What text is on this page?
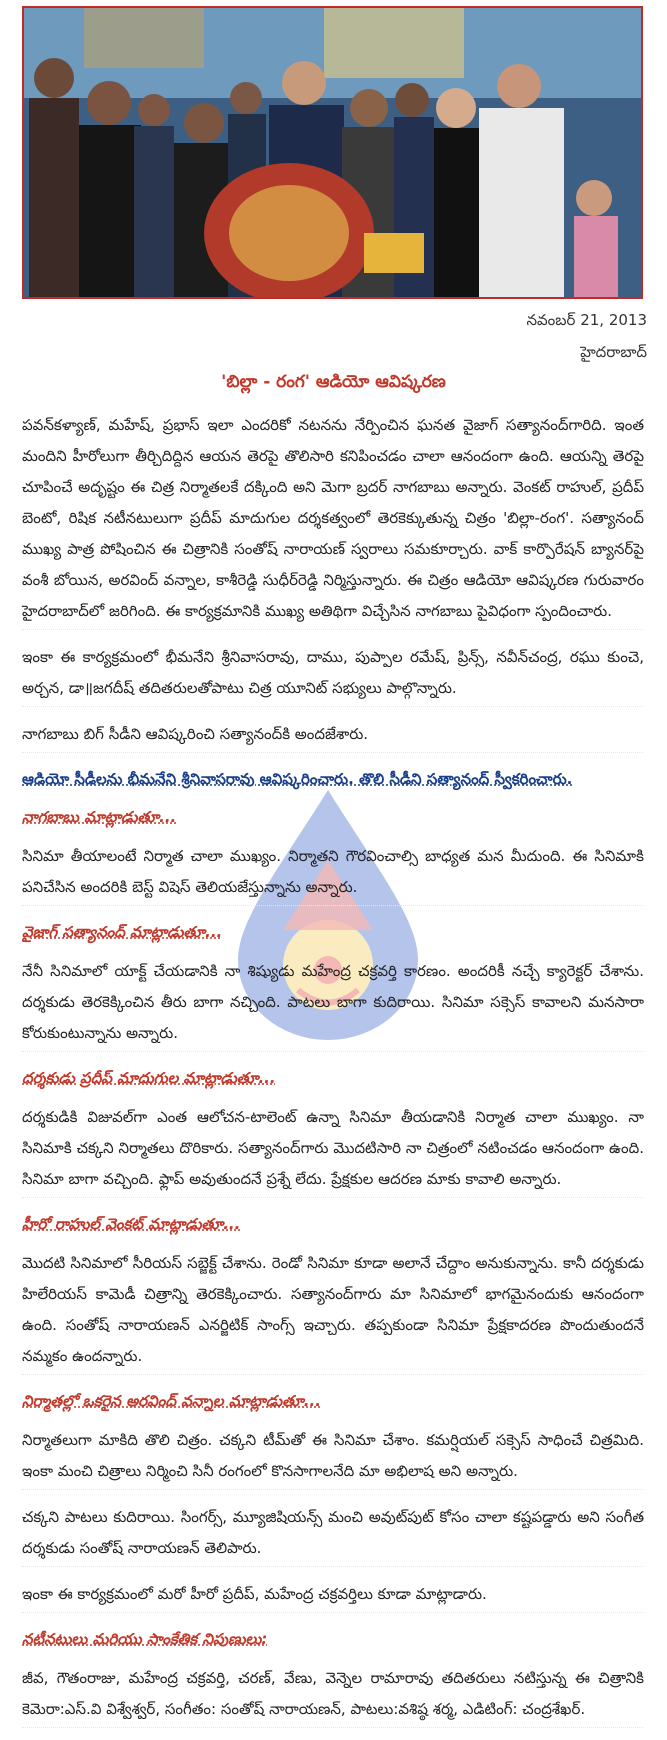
నవంబర్ 21, 2013
హైదరాబాద్
'బిల్లా - రంగ' ఆడియో ఆవిష్కరణ

పవన్‌కళ్యాణ్, మహేష్, ప్రభాస్ ఇలా ఎందరికో నటనను నేర్పించిన ఘనత వైజాగ్ సత్యానంద్‌గారిది. ఇంత మందిని హీరోలుగా తీర్చిదిద్దిన ఆయన తెరపై తొలిసారి కనిపించడం చాలా ఆనందంగా ఉంది. ఆయన్ని తెరపై చూపించే అదృష్టం ఈ చిత్ర నిర్మాతలకే దక్కింది అని మెగా బ్రదర్ నాగబాబు అన్నారు. వెంకట్ రాహుల్, ప్రదీప్ బెంటో, రిషిక నటీనటులుగా ప్రదీప్ మాదుగుల దర్శకత్వంలో తెరకెక్కుతున్న చిత్రం 'బిల్లా-రంగ'. సత్యానంద్ ముఖ్య పాత్ర పోషించిన ఈ చిత్రానికి సంతోష్ నారాయణ్ స్వరాలు సమకూర్చారు. వాక్ కార్పొరేషన్ బ్యానర్‌పై వంశీ బోయిన, అరవింద్ వన్నాల, కాశీరెడ్డి సుధీర్‌రెడ్డి నిర్మిస్తున్నారు. ఈ చిత్రం ఆడియో ఆవిష్కరణ గురువారం హైదరాబాద్‌లో జరిగింది. ఈ కార్యక్రమానికి ముఖ్య అతిథిగా విచ్చేసిన నాగబాబు పైవిధంగా స్పందించారు.

ఇంకా ఈ కార్యక్రమంలో భీమనేని శ్రీనివాసరావు, దాము, పుప్పాల రమేష్, ప్రిన్స్, నవీన్‌చంద్ర, రఘు కుంచె, అర్చన, డా॥జగదీష్ తదితరులతోపాటు చిత్ర యూనిట్ సభ్యులు పాల్గొన్నారు.

నాగబాబు బిగ్ సీడీని ఆవిష్కరించి సత్యానంద్‌కి అందజేశారు.

ఆడియో సీడీలను భీమనేని శ్రీనివాసరావు ఆవిష్కరించారు. తొలి సీడీని సత్యానంద్ స్వీకరించారు.

నాగబాబు మాట్లాడుతూ...

సినిమా తీయాలంటే నిర్మాత చాలా ముఖ్యం. నిర్మాతని గౌరవించాల్సి బాధ్యత మన మీదుంది. ఈ సినిమాకి పనిచేసిన అందరికి బెస్ట్ విషెస్ తెలియజేస్తున్నాను అన్నారు.

వైజాగ్ సత్యానంద్ మాట్లాడుతూ...

నేనీ సినిమాలో యాక్ట్ చేయడానికి నా శిష్యుడు మహేంద్ర చక్రవర్తి కారణం. అందరికీ నచ్చే క్యారెక్టర్ చేశాను. దర్శకుడు తెరకెక్కించిన తీరు బాగా నచ్చింది. పాటలు బాగా కుదిరాయి. సినిమా సక్సెస్ కావాలని మనసారా కోరుకుంటున్నాను అన్నారు.

దర్శకుడు ప్రదీప్ మాదుగుల మాట్లాడుతూ...

దర్శకుడికి విజువల్‌గా ఎంత ఆలోచన-టాలెంట్ ఉన్నా సినిమా తీయడానికి నిర్మాత చాలా ముఖ్యం. నా సినిమాకి చక్కని నిర్మాతలు దొరికారు. సత్యానంద్‌గారు మొదటిసారి నా చిత్రంలో నటించడం ఆనందంగా ఉంది. సినిమా బాగా వచ్చింది. ఫ్లాప్ అవుతుందనే ప్రశ్నే లేదు. ప్రేక్షకుల ఆదరణ మాకు కావాలి అన్నారు.

హీరో రాహుల్ వెంకట్ మాట్లాడుతూ...

మొదటి సినిమాలో సీరియస్ సబ్జెక్ట్ చేశాను. రెండో సినిమా కూడా అలానే చేద్దాం అనుకున్నాను. కానీ దర్శకుడు హిలేరియస్ కామెడీ చిత్రాన్ని తెరకెక్కించారు. సత్యానంద్‌గారు మా సినిమాలో భాగమైనందుకు ఆనందంగా ఉంది. సంతోష్ నారాయణన్ ఎనర్జిటిక్ సాంగ్స్ ఇచ్చారు. తప్పకుండా సినిమా ప్రేక్షకాదరణ పొందుతుందనే నమ్మకం ఉందన్నారు.

నిర్మాతల్లో ఒకరైన అరవింద్ వన్నాల మాట్లాడుతూ...

నిర్మాతలుగా మాకిది తొలి చిత్రం. చక్కని టీమ్‌తో ఈ సినిమా చేశాం. కమర్షియల్ సక్సెస్ సాధించే చిత్రమిది. ఇంకా మంచి చిత్రాలు నిర్మించి సినీ రంగంలో కొనసాగాలనేది మా అభిలాష అని అన్నారు.

చక్కని పాటలు కుదిరాయి. సింగర్స్, మ్యూజిషియన్స్ మంచి అవుట్‌పుట్ కోసం చాలా కష్టపడ్డారు అని సంగీత దర్శకుడు సంతోష్ నారాయణన్ తెలిపారు.

ఇంకా ఈ కార్యక్రమంలో మరో హీరో ప్రదీప్, మహేంద్ర చక్రవర్తిలు కూడా మాట్లాడారు.

నటీనటులు మరియు సాంకేతిక నిపుణులు:

జీవ, గౌతంరాజు, మహేంద్ర చక్రవర్తి, చరణ్, వేణు, వెన్నెల రామారావు తదితరులు నటిస్తున్న ఈ చిత్రానికి కెమెరా:ఎస్.వి విశ్వేశ్వర్, సంగీతం: సంతోష్ నారాయణన్, పాటలు:వశిష్ఠ శర్మ, ఎడిటింగ్: చంద్రశేఖర్.
